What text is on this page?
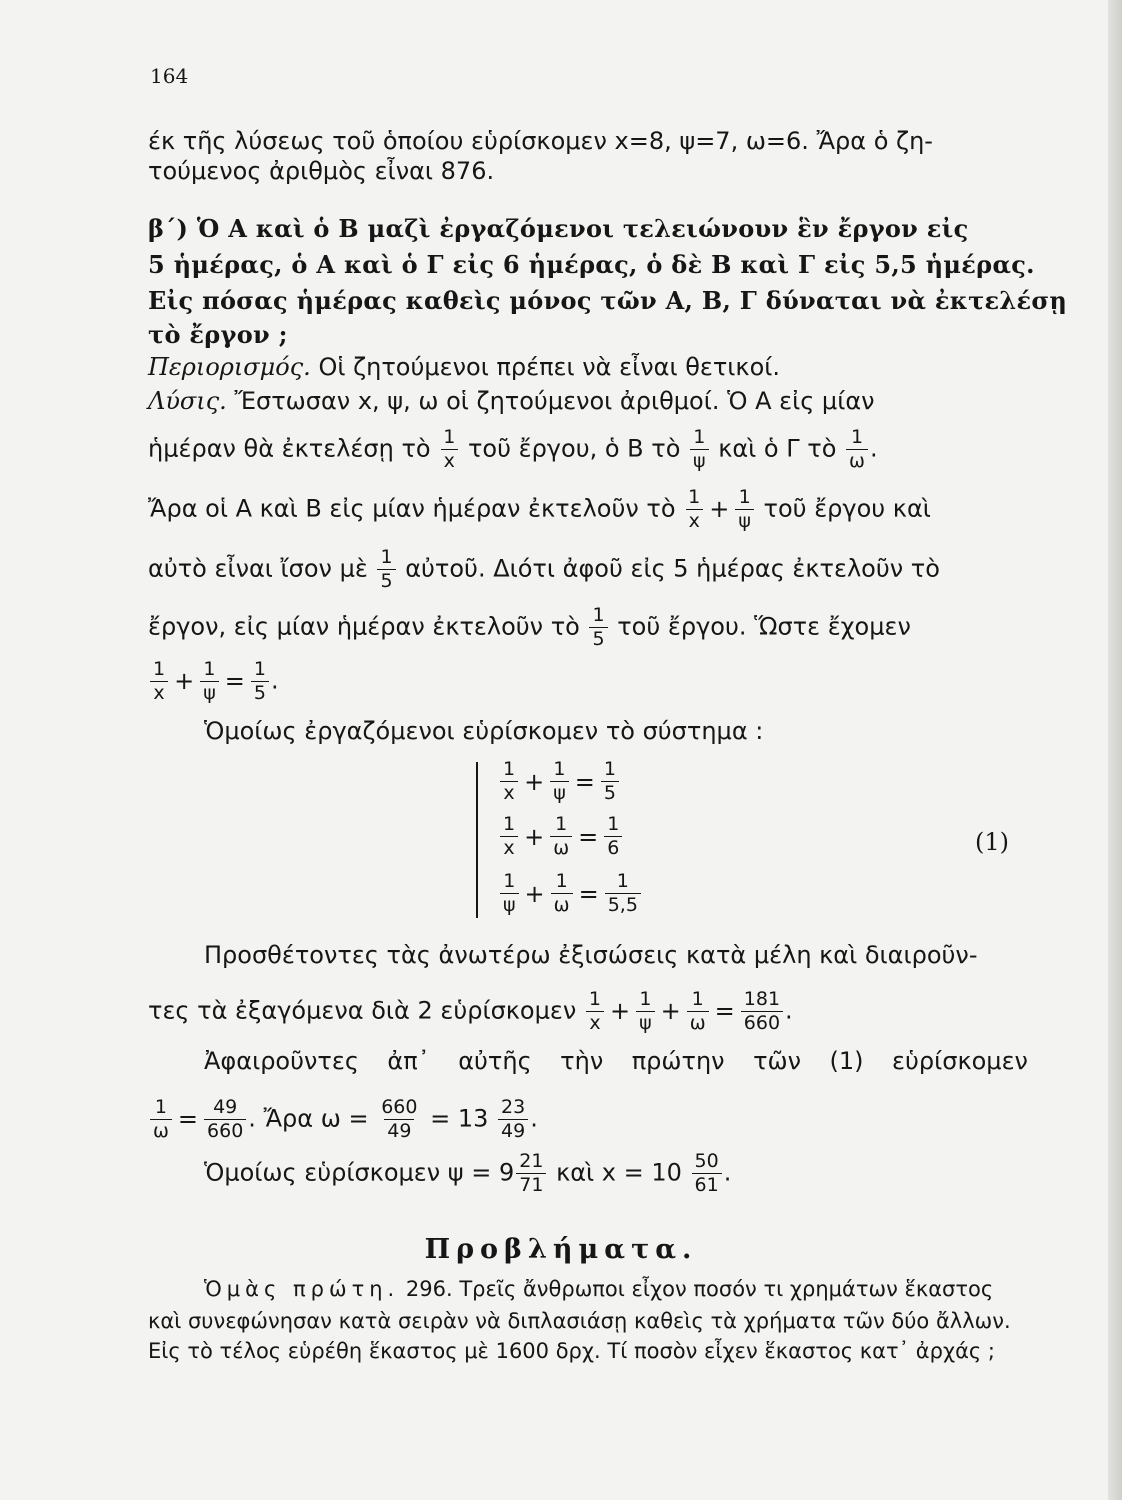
164
έκ τῆς λύσεως τοῦ ὁποίου εὑρίσκομεν x=8, ψ=7, ω=6. Ἄρα ὁ ζη-
τούμενος ἀριθμὸς εἶναι 876.
β΄) Ὁ Α καὶ ὁ Β μαζὶ ἐργαζόμενοι τελειώνουν ἓν ἔργον εἰς
5 ἡμέρας, ὁ Α καὶ ὁ Γ εἰς 6 ἡμέρας, ὁ δὲ Β καὶ Γ εἰς 5,5 ἡμέρας.
Εἰς πόσας ἡμέρας καθεὶς μόνος τῶν Α, Β, Γ δύναται νὰ ἐκτελέσῃ
τὸ ἔργον ;
Περιορισμός. Οἱ ζητούμενοι πρέπει νὰ εἶναι θετικοί.
Λύσις. Ἔστωσαν x, ψ, ω οἱ ζητούμενοι ἀριθμοί. Ὁ Α εἰς μίαν
ἡμέραν θὰ ἐκτελέσῃ τὸ $\frac{1}{x}$ τοῦ ἔργου, ὁ Β τὸ $\frac{1}{\psi}$ καὶ ὁ Γ τὸ $\frac{1}{\omega}$ .
Ἄρα οἱ Α καὶ Β εἰς μίαν ἡμέραν ἐκτελοῦν τὸ $\frac{1}{x} + \frac{1}{\psi}$ τοῦ ἔργου καὶ
αὐτὸ εἶναι ἴσον μὲ $\frac{1}{5}$ αὐτοῦ. Διότι ἀφοῦ εἰς 5 ἡμέρας ἐκτελοῦν τὸ
ἔργον, εἰς μίαν ἡμέραν ἐκτελοῦν τὸ $\frac{1}{5}$ τοῦ ἔργου. Ὥστε ἔχομεν
$\frac{1}{x} + \frac{1}{\psi} = \frac{1}{5}$ .
Ὁμοίως ἐργαζόμενοι εὑρίσκομεν τὸ σύστημα :
1
$x + \frac{1}{\psi} = \frac{1}{5}$
1
$x + \frac{1}{\omega} = \frac{1}{6}$
1
$\psi + \frac{1}{\omega} = \frac{1}{5,5}$
(1)
Προσθέτοντες τὰς ἀνωτέρω ἐξισώσεις κατὰ μέλη καὶ διαιροῦν-
τες τὰ ἐξαγόμενα διὰ 2 εὑρίσκομεν $\frac{1}{x} + \frac{1}{\psi} + \frac{1}{\omega} = \frac{181}{660}$ .
Ἀφαιροῦντες ἀπ᾽ αὐτῆς τὴν πρώτην τῶν (1) εὑρίσκομεν
$\frac{1}{\omega} = \frac{49}{660}$ . Ἄρα $\omega = \frac{660}{49} = 13 \frac{23}{49}$ .
Ὁμοίως εὑρίσκομεν $\psi = 9 \frac{21}{71}$ καὶ $x = 10 \frac{50}{61}$ .
Προβλήματα.
Ὁμὰς πρώτη. 296. Τρεῖς ἄνθρωποι εἶχον ποσόν τι χρημάτων ἕκαστος
καὶ συνεφώνησαν κατὰ σειρὰν νὰ διπλασιάσῃ καθεὶς τὰ χρήματα τῶν δύο ἄλλων.
Εἰς τὸ τέλος εὑρέθη ἕκαστος μὲ 1600 δρχ. Τί ποσὸν εἶχεν ἕκαστος κατ᾽ ἀρχάς ;
